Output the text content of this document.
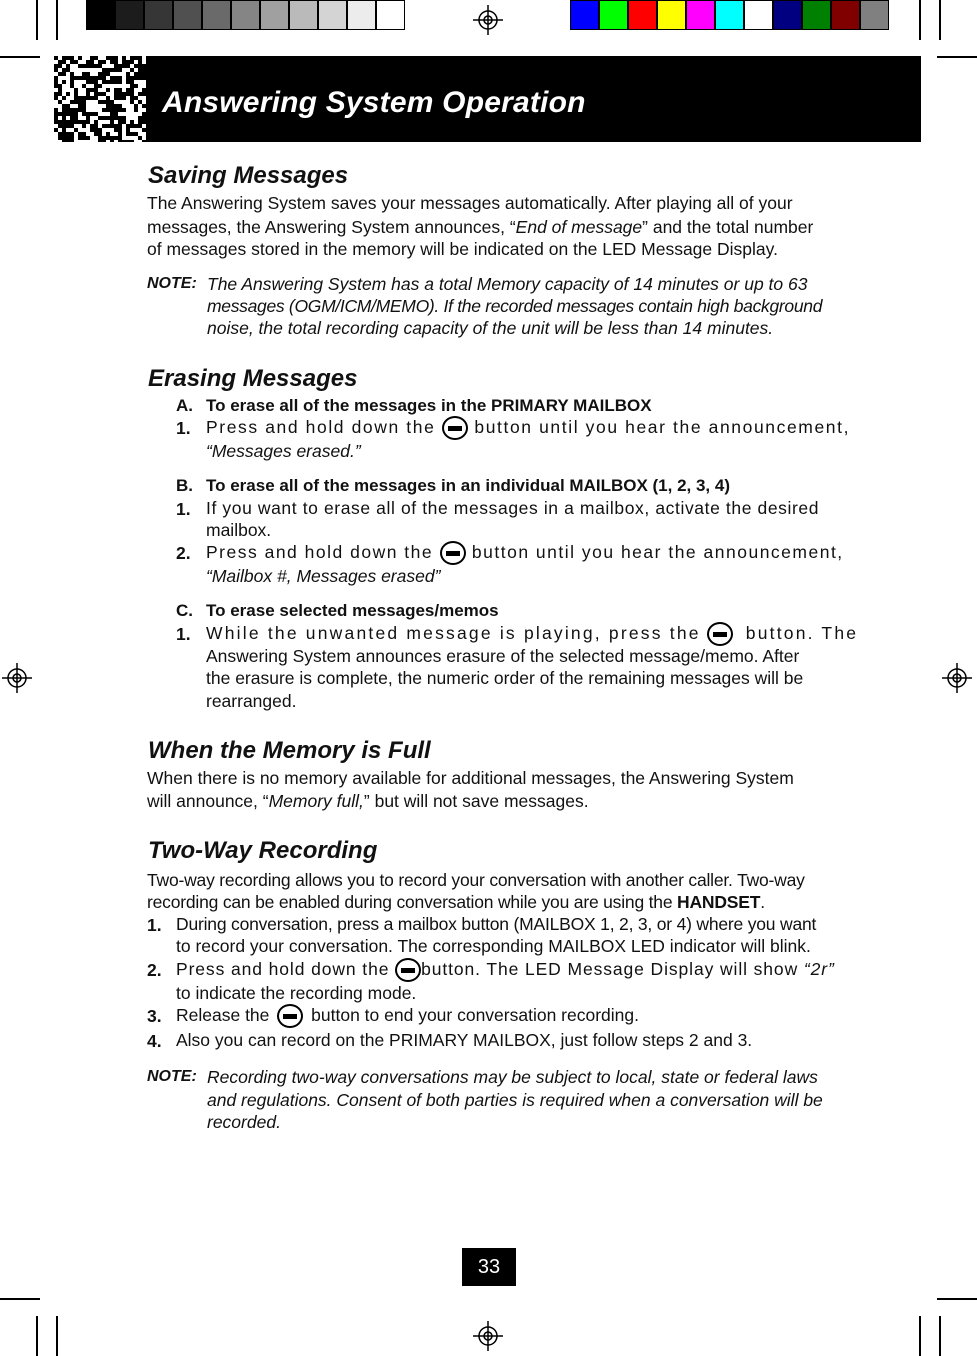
Answering System Operation
Saving Messages
The Answering System saves your messages automatically. After playing all of your
messages, the Answering System announces, “End of message” and the total number
of messages stored in the memory will be indicated on the LED Message Display.
NOTE: The Answering System has a total Memory capacity of 14 minutes or up to 63
messages (OGM/ICM/MEMO). If the recorded messages contain high background
noise, the total recording capacity of the unit will be less than 14 minutes.
Erasing Messages
A. To erase all of the messages in the PRIMARY MAILBOX
1. Press and hold down the button until you hear the announcement,
“Messages erased.”
B. To erase all of the messages in an individual MAILBOX (1, 2, 3, 4)
1. If you want to erase all of the messages in a mailbox, activate the desired
mailbox.
2. Press and hold down the button until you hear the announcement,
“Mailbox #, Messages erased”
C. To erase selected messages/memos
1. While the unwanted message is playing, press the	button. The
Answering System announces erasure of the selected message/memo. After
the erasure is complete, the numeric order of the remaining messages will be
rearranged.
When the Memory is Full
When there is no memory available for additional messages, the Answering System
will announce, “Memory full,” but will not save messages.
Two-Way Recording
Two-way recording allows you to record your conversation with another caller. Two-way
recording can be enabled during conversation while you are using the HANDSET.
1. During conversation, press a mailbox button (MAILBOX 1, 2, 3, or 4) where you want
to record your conversation. The corresponding MAILBOX LED indicator will blink.
2. Press and hold down the button. The LED Message Display will show “2r”
to indicate the recording mode.
3. Release the button to end your conversation recording.
4. Also you can record on the PRIMARY MAILBOX, just follow steps 2 and 3.
NOTE: Recording two-way conversations may be subject to local, state or federal laws
and regulations. Consent of both parties is required when a conversation will be
recorded.
33
